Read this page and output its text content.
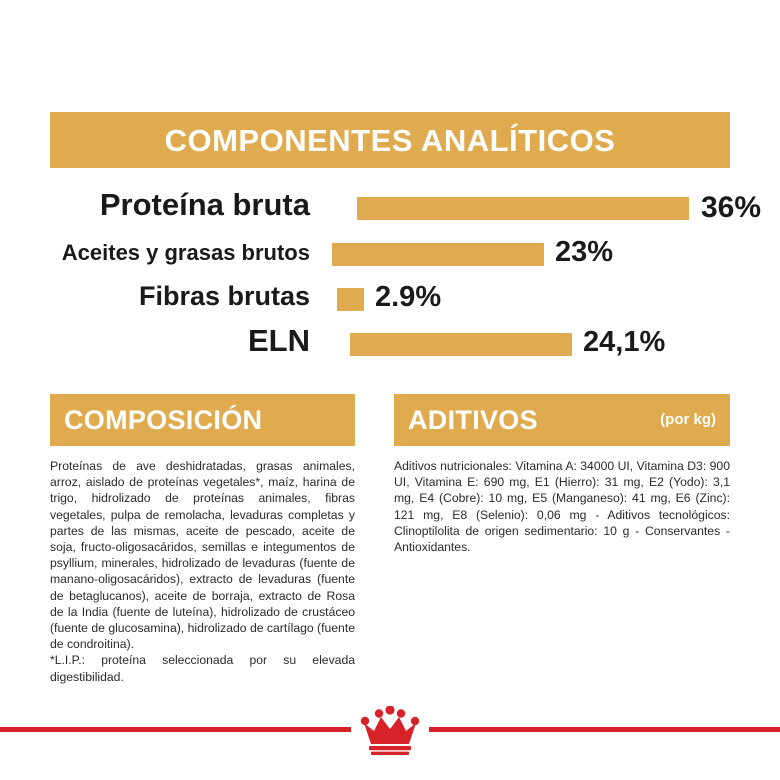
COMPONENTES ANALÍTICOS
Proteína bruta	36%
Aceites y grasas brutos	23%
Fibras brutas 2.9%
ELN	24,1%
COMPOSICIÓN

Proteínas de ave deshidratadas, grasas animales, arroz, aislado de proteínas vegetales*, maíz, harina de trigo, hidrolizado de proteínas animales, fibras vegetales, pulpa de remolacha, levaduras completas y partes de las mismas, aceite de pescado, aceite de soja, fructo-oligosacáridos, semillas e integumentos de psyllium, minerales, hidrolizado de levaduras (fuente de manano-oligosacáridos), extracto de levaduras (fuente de betaglucanos), aceite de borraja, extracto de Rosa de la India (fuente de luteína), hidrolizado de crustáceo (fuente de glucosamina), hidrolizado de cartílago (fuente de condroitina).

*L.I.P.: proteína seleccionada por su elevada digestibilidad.

ADITIVOS	(por kg)

Aditivos nutricionales: Vitamina A: 34000 UI, Vitamina D3: 900 UI, Vitamina E: 690 mg, E1 (Hierro): 31 mg, E2 (Yodo): 3,1 mg, E4 (Cobre): 10 mg, E5 (Manganeso): 41 mg, E6 (Zinc): 121 mg, E8 (Selenio): 0,06 mg - Aditivos tecnológicos: Clinoptilolita de origen sedimentario: 10 g - Conservantes - Antioxidantes.
